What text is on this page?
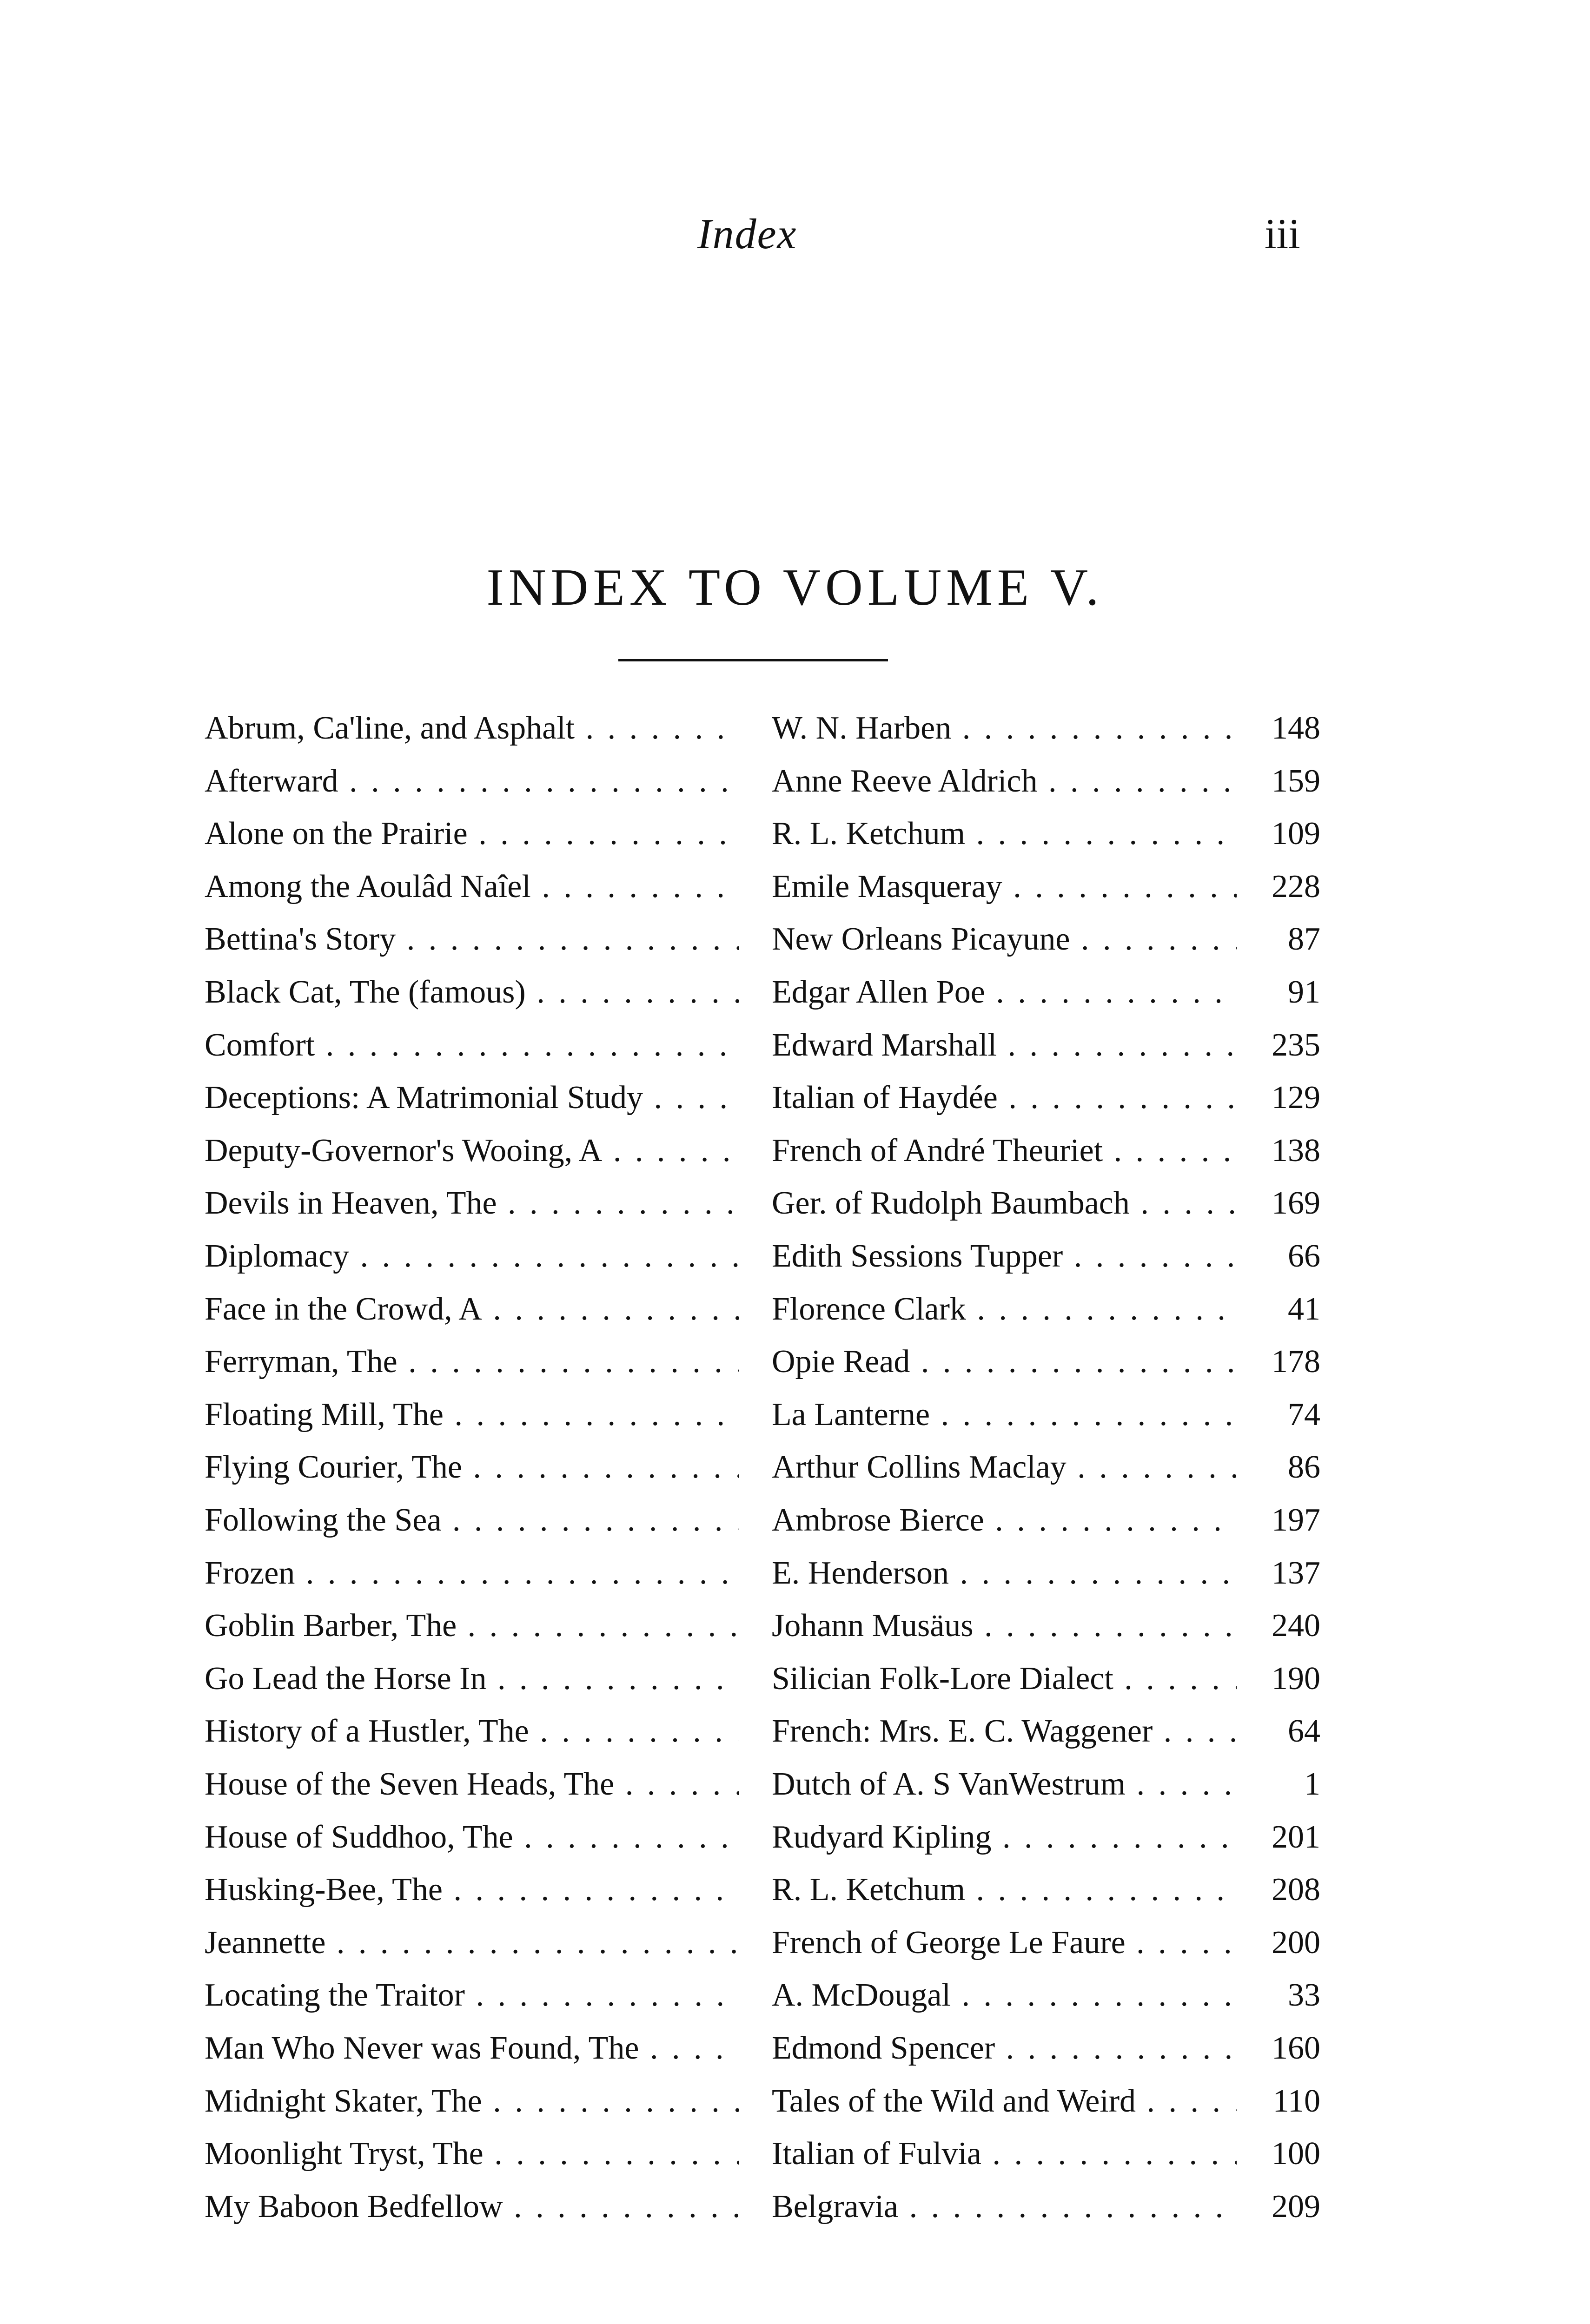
Index	iii
INDEX TO VOLUME V.
Abrum, Ca'line, and Asphalt . . .	W. N. Harben . . .	148
Afterward . . .	Anne Reeve Aldrich . . .	159
Alone on the Prairie . . .	R. L. Ketchum . . .	109
Among the Aoulâd Naîel . . .	Emile Masqueray . . .	228
Bettina's Story . . .	New Orleans Picayune . . .	87
Black Cat, The (famous) . . .	Edgar Allen Poe . . .	91
Comfort . . .	Edward Marshall . . .	235
Deceptions: A Matrimonial Study . . .	Italian of Haydée . . .	129
Deputy-Governor's Wooing, A . . .	French of André Theuriet . . .	138
Devils in Heaven, The . . .	Ger. of Rudolph Baumbach . . .	169
Diplomacy . . .	Edith Sessions Tupper . . .	66
Face in the Crowd, A . . .	Florence Clark . . .	41
Ferryman, The . . .	Opie Read . . .	178
Floating Mill, The . . .	La Lanterne . . .	74
Flying Courier, The . . .	Arthur Collins Maclay . . .	86
Following the Sea . . .	Ambrose Bierce . . .	197
Frozen . . .	E. Henderson . . .	137
Goblin Barber, The . . .	Johann Musäus . . .	240
Go Lead the Horse In . . .	Silician Folk-Lore Dialect . . .	190
History of a Hustler, The . . .	French: Mrs. E. C. Waggener . . .	64
House of the Seven Heads, The . . .	Dutch of A. S VanWestrum . . .	1
House of Suddhoo, The . . .	Rudyard Kipling . . .	201
Husking-Bee, The . . .	R. L. Ketchum . . .	208
Jeannette . . .	French of George Le Faure . . .	200
Locating the Traitor . . .	A. McDougal . . .	33
Man Who Never was Found, The . . .	Edmond Spencer . . .	160
Midnight Skater, The . . .	Tales of the Wild and Weird . . .	110
Moonlight Tryst, The . . .	Italian of Fulvia . . .	100
My Baboon Bedfellow . . .	Belgravia . . .	209
